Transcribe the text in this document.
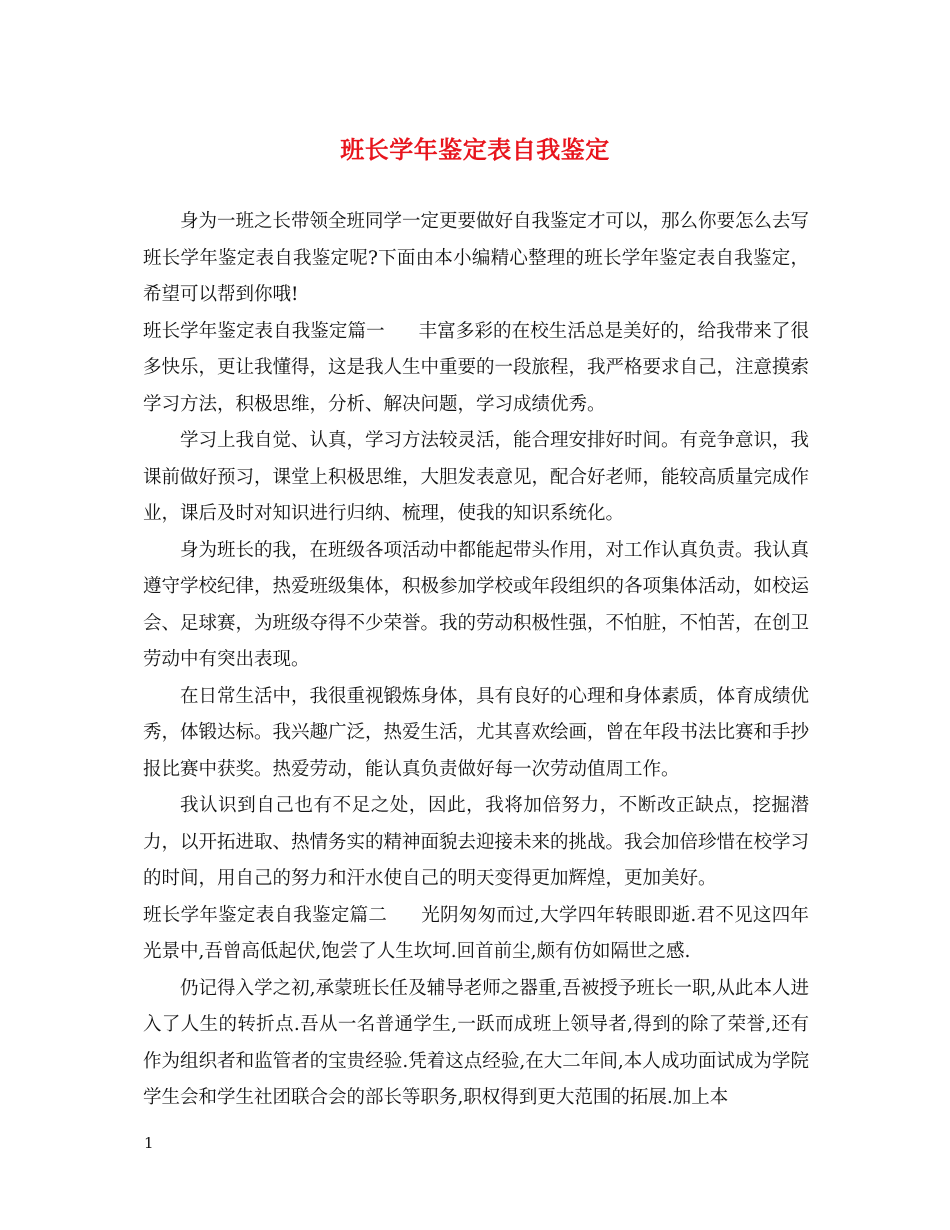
班长学年鉴定表自我鉴定

身为一班之长带领全班同学一定更要做好自我鉴定才可以，那么你要怎么去写班长学年鉴定表自我鉴定呢?下面由本小编精心整理的班长学年鉴定表自我鉴定，希望可以帮到你哦!

班长学年鉴定表自我鉴定篇一 丰富多彩的在校生活总是美好的，给我带来了很多快乐，更让我懂得，这是我人生中重要的一段旅程，我严格要求自己，注意摸索学习方法，积极思维，分析、解决问题，学习成绩优秀。

学习上我自觉、认真，学习方法较灵活，能合理安排好时间。有竞争意识，我课前做好预习，课堂上积极思维，大胆发表意见，配合好老师，能较高质量完成作业，课后及时对知识进行归纳、梳理，使我的知识系统化。

身为班长的我，在班级各项活动中都能起带头作用，对工作认真负责。我认真遵守学校纪律，热爱班级集体，积极参加学校或年段组织的各项集体活动，如校运会、足球赛，为班级夺得不少荣誉。我的劳动积极性强，不怕脏，不怕苦，在创卫劳动中有突出表现。

在日常生活中，我很重视锻炼身体，具有良好的心理和身体素质，体育成绩优秀，体锻达标。我兴趣广泛，热爱生活，尤其喜欢绘画，曾在年段书法比赛和手抄报比赛中获奖。热爱劳动，能认真负责做好每一次劳动值周工作。

我认识到自己也有不足之处，因此，我将加倍努力，不断改正缺点，挖掘潜力，以开拓进取、热情务实的精神面貌去迎接未来的挑战。我会加倍珍惜在校学习的时间，用自己的努力和汗水使自己的明天变得更加辉煌，更加美好。

班长学年鉴定表自我鉴定篇二 光阴匆匆而过,大学四年转眼即逝.君不见这四年光景中,吾曾高低起伏,饱尝了人生坎坷.回首前尘,颇有仿如隔世之感.

仍记得入学之初,承蒙班长任及辅导老师之器重,吾被授予班长一职,从此本人进入了人生的转折点.吾从一名普通学生,一跃而成班上领导者,得到的除了荣誉,还有作为组织者和监管者的宝贵经验.凭着这点经验,在大二年间,本人成功面试成为学院学生会和学生社团联合会的部长等职务,职权得到更大范围的拓展.加上本

1
